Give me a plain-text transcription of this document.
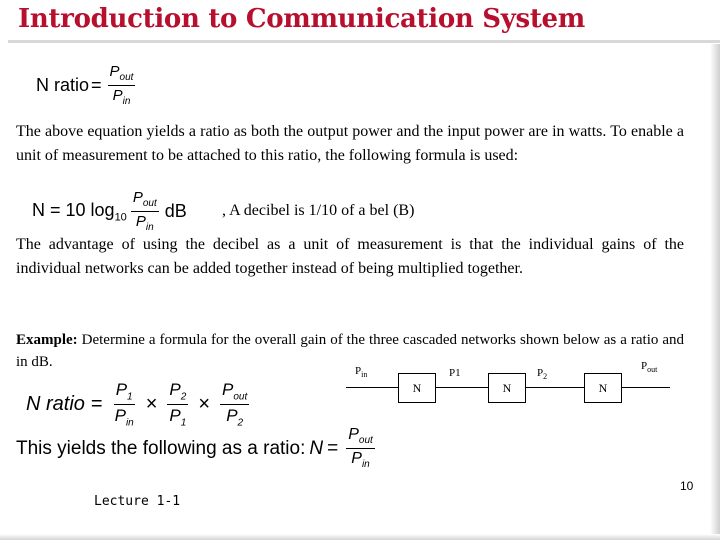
Introduction to Communication System
N ratio = $\frac{P_{out}}{P_{in}}$
The above equation yields a ratio as both the output power and the input power are in watts. To enable a unit of measurement to be attached to this ratio, the following formula is used:
N = 10 $\log_{10} \frac{P_{out}}{P_{in}}$ dB , A decibel is 1/10 of a bel (B)
The advantage of using the decibel as a unit of measurement is that the individual gains of the individual networks can be added together instead of being multiplied together.
Example: Determine a formula for the overall gain of the three cascaded networks shown below as a ratio and in dB.
$P_{in}$	P1	$P_2$
$P_{out}$
N	N	N
N ratio = $\frac{P_1}{P_{in}} \times \frac{P_2}{P_1} \times \frac{P_{out}}{P_2}$
This yields the following as a ratio: $N = \frac{P_{out}}{P_{in}}$
Lecture 1-1
10
